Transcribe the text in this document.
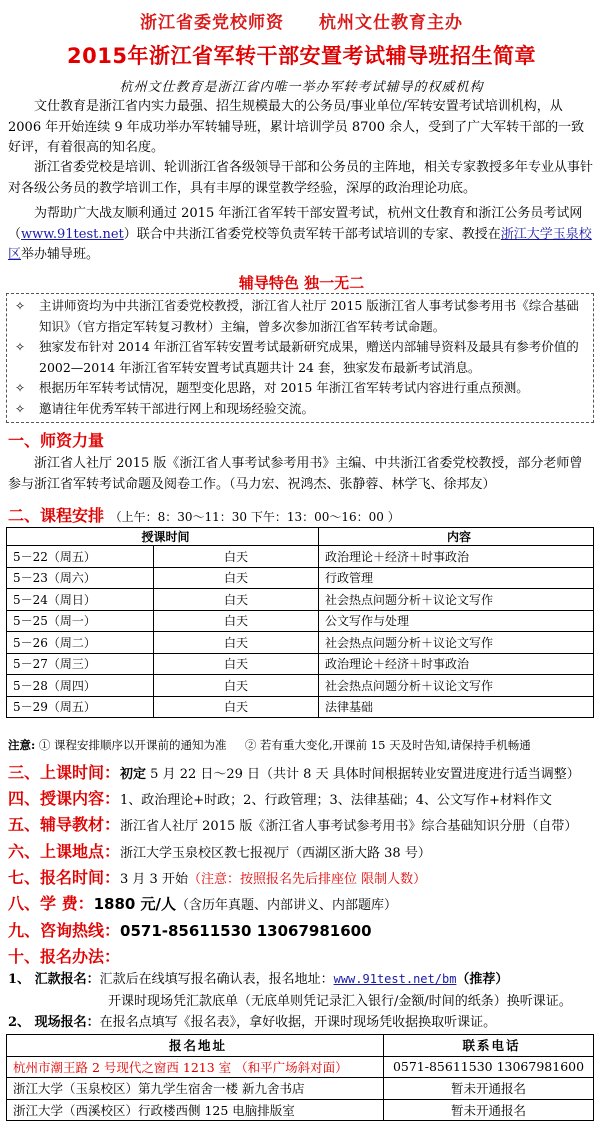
浙江省委党校师资 杭州文仕教育主办
2015年浙江省军转干部安置考试辅导班招生简章
杭州文仕教育是浙江省内唯一举办军转考试辅导的权威机构
文仕教育是浙江省内实力最强、招生规模最大的公务员/事业单位/军转安置考试培训机构，从 2006 年开始连续 9 年成功举办军转辅导班，累计培训学员 8700 余人，受到了广大军转干部的一致好评，有着很高的知名度。
浙江省委党校是培训、轮训浙江省各级领导干部和公务员的主阵地，相关专家教授多年专业从事针对各级公务员的教学培训工作，具有丰厚的课堂教学经验，深厚的政治理论功底。
为帮助广大战友顺利通过 2015 年浙江省军转干部安置考试，杭州文仕教育和浙江公务员考试网（www.91test.net）联合中共浙江省委党校等负责军转干部考试培训的专家、教授在浙江大学玉泉校区举办辅导班。
辅导特色 独一无二
✧ 主讲师资均为中共浙江省委党校教授，浙江省人社厅 2015 版浙江省人事考试参考用书《综合基础知识》（官方指定军转复习教材）主编，曾多次参加浙江省军转考试命题。
✧ 独家发布针对 2014 年浙江省军转安置考试最新研究成果，赠送内部辅导资料及最具有参考价值的 2002—2014 年浙江省军转安置考试真题共计 24 套，独家发布最新考试消息。
✧ 根据历年军转考试情况，题型变化思路，对 2015 年浙江省军转考试内容进行重点预测。
✧ 邀请往年优秀军转干部进行网上和现场经验交流。
一、师资力量
浙江省人社厅 2015 版《浙江省人事考试参考用书》主编、中共浙江省委党校教授，部分老师曾参与浙江省军转考试命题及阅卷工作。（马力宏、祝鸿杰、张静蓉、林学飞、徐邦友）
二、课程安排 （上午：8：30～11：30 下午：13：00～16：00 ）
授课时间		内容
5－22（周五）	白天	政治理论＋经济＋时事政治
5－23（周六）	白天	行政管理
5－24（周日）	白天	社会热点问题分析＋议论文写作
5－25（周一）	白天	公文写作与处理
5－26（周二）	白天	社会热点问题分析＋议论文写作
5－27（周三）	白天	政治理论＋经济＋时事政治
5－28（周四）	白天	社会热点问题分析＋议论文写作
5－29（周五）	白天	法律基础
注意: ① 课程安排顺序以开课前的通知为准 ② 若有重大变化,开课前 15 天及时告知,请保持手机畅通
三、上课时间：初定 5 月 22 日～29 日（共计 8 天 具体时间根据转业安置进度进行适当调整）
四、授课内容：1、政治理论+时政；2、行政管理；3、法律基础；4、公文写作+材料作文
五、辅导教材：浙江省人社厅 2015 版《浙江省人事考试参考用书》综合基础知识分册（自带）
六、上课地点：浙江大学玉泉校区教七报视厅（西湖区浙大路 38 号）
七、报名时间：3 月 3 开始（注意：按照报名先后排座位 限制人数）
八、学 费：1880 元/人（含历年真题、内部讲义、内部题库）
九、咨询热线：0571-85611530 13067981600
十、报名办法：
1、 汇款报名：汇款后在线填写报名确认表，报名地址：www.91test.net/bm（推荐）
开课时现场凭汇款底单（无底单则凭记录汇入银行/金额/时间的纸条）换听课证。
2、 现场报名：在报名点填写《报名表》，拿好收据，开课时现场凭收据换取听课证。
报名地址	联系电话
杭州市潮王路 2 号现代之窗西 1213 室 （和平广场斜对面）	0571-85611530 13067981600
浙江大学（玉泉校区）第九学生宿舍一楼 新九舍书店	暂未开通报名
浙江大学（西溪校区）行政楼西侧 125 电脑排版室	暂未开通报名
